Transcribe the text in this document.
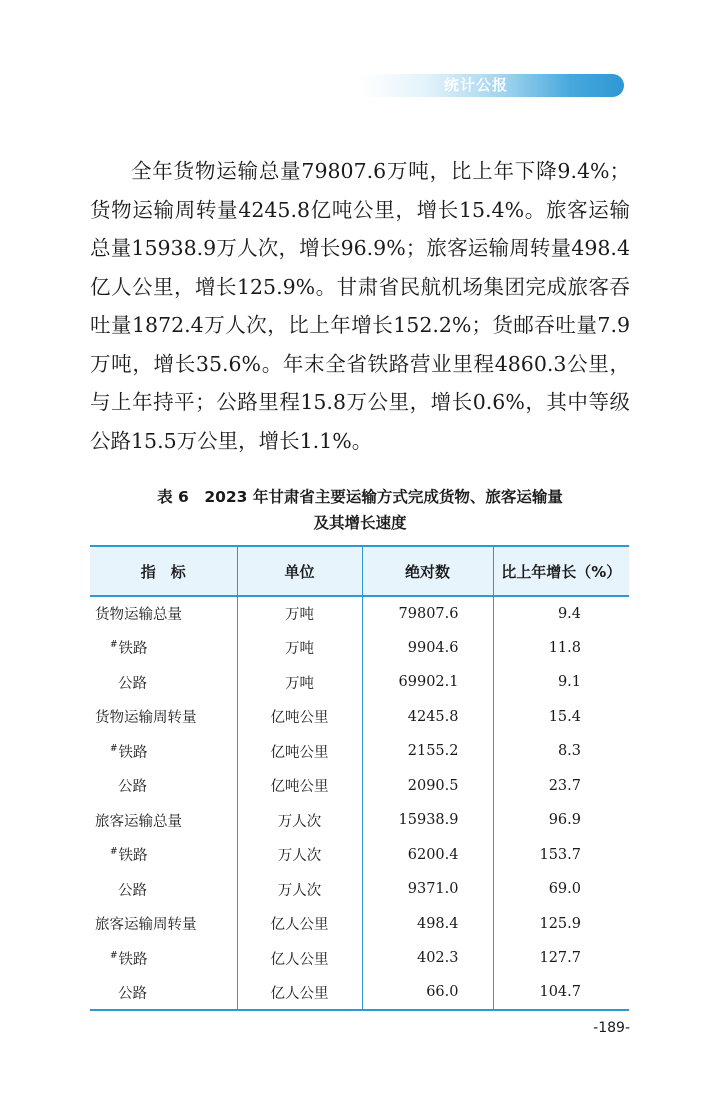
统计公报

全年货物运输总量79807.6万吨，比上年下降9.4%；货物运输周转量4245.8亿吨公里，增长15.4%。旅客运输总量15938.9万人次，增长96.9%；旅客运输周转量498.4亿人公里，增长125.9%。甘肃省民航机场集团完成旅客吞吐量1872.4万人次，比上年增长152.2%；货邮吞吐量7.9万吨，增长35.6%。年末全省铁路营业里程4860.3公里，与上年持平；公路里程15.8万公里，增长0.6%，其中等级公路15.5万公里，增长1.1%。

表 6　2023 年甘肃省主要运输方式完成货物、旅客运输量
及其增长速度
指　标	单位	绝对数	比上年增长（%）
货物运输总量	万吨	79807.6	9.4
#铁路	万吨	9904.6	11.8
公路	万吨	69902.1	9.1
货物运输周转量	亿吨公里	4245.8	15.4
#铁路	亿吨公里	2155.2	8.3
公路	亿吨公里	2090.5	23.7
旅客运输总量	万人次	15938.9	96.9
#铁路	万人次	6200.4	153.7
公路	万人次	9371.0	69.0
旅客运输周转量	亿人公里	498.4	125.9
#铁路	亿人公里	402.3	127.7
公路	亿人公里	66.0	104.7
-189-
